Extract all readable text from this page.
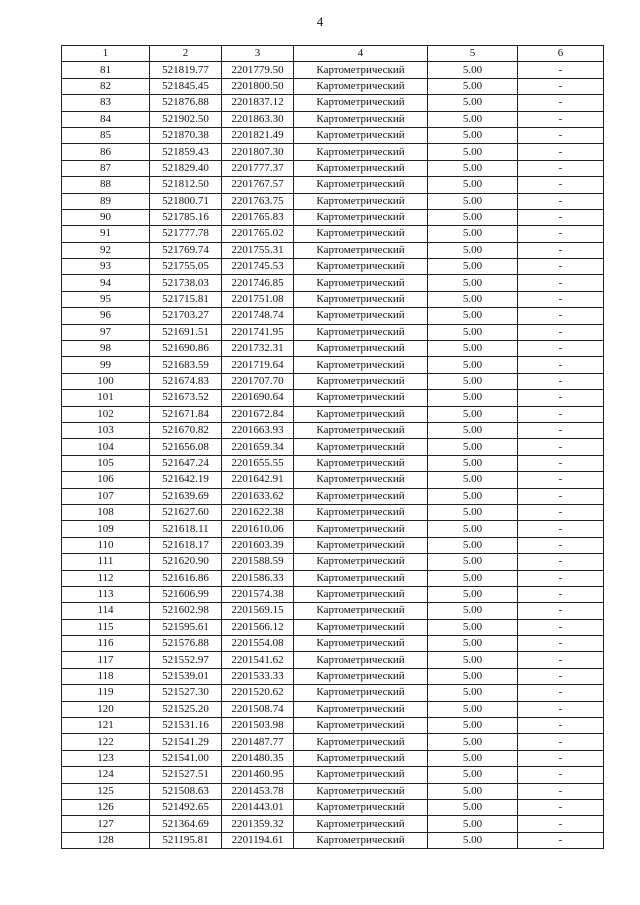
4
1	2	3	4	5	6
81	521819.77	2201779.50	Картометрический	5.00	-
82	521845.45	2201800.50	Картометрический	5.00	-
83	521876.88	2201837.12	Картометрический	5.00	-
84	521902.50	2201863.30	Картометрический	5.00	-
85	521870.38	2201821.49	Картометрический	5.00	-
86	521859.43	2201807.30	Картометрический	5.00	-
87	521829.40	2201777.37	Картометрический	5.00	-
88	521812.50	2201767.57	Картометрический	5.00	-
89	521800.71	2201763.75	Картометрический	5.00	-
90	521785.16	2201765.83	Картометрический	5.00	-
91	521777.78	2201765.02	Картометрический	5.00	-
92	521769.74	2201755.31	Картометрический	5.00	-
93	521755.05	2201745.53	Картометрический	5.00	-
94	521738.03	2201746.85	Картометрический	5.00	-
95	521715.81	2201751.08	Картометрический	5.00	-
96	521703.27	2201748.74	Картометрический	5.00	-
97	521691.51	2201741.95	Картометрический	5.00	-
98	521690.86	2201732.31	Картометрический	5.00	-
99	521683.59	2201719.64	Картометрический	5.00	-
100	521674.83	2201707.70	Картометрический	5.00	-
101	521673.52	2201690.64	Картометрический	5.00	-
102	521671.84	2201672.84	Картометрический	5.00	-
103	521670.82	2201663.93	Картометрический	5.00	-
104	521656.08	2201659.34	Картометрический	5.00	-
105	521647.24	2201655.55	Картометрический	5.00	-
106	521642.19	2201642.91	Картометрический	5.00	-
107	521639.69	2201633.62	Картометрический	5.00	-
108	521627.60	2201622.38	Картометрический	5.00	-
109	521618.11	2201610.06	Картометрический	5.00	-
110	521618.17	2201603.39	Картометрический	5.00	-
111	521620.90	2201588.59	Картометрический	5.00	-
112	521616.86	2201586.33	Картометрический	5.00	-
113	521606.99	2201574.38	Картометрический	5.00	-
114	521602.98	2201569.15	Картометрический	5.00	-
115	521595.61	2201566.12	Картометрический	5.00	-
116	521576.88	2201554.08	Картометрический	5.00	-
117	521552.97	2201541.62	Картометрический	5.00	-
118	521539.01	2201533.33	Картометрический	5.00	-
119	521527.30	2201520.62	Картометрический	5.00	-
120	521525.20	2201508.74	Картометрический	5.00	-
121	521531.16	2201503.98	Картометрический	5.00	-
122	521541.29	2201487.77	Картометрический	5.00	-
123	521541.00	2201480.35	Картометрический	5.00	-
124	521527.51	2201460.95	Картометрический	5.00	-
125	521508.63	2201453.78	Картометрический	5.00	-
126	521492.65	2201443.01	Картометрический	5.00	-
127	521364.69	2201359.32	Картометрический	5.00	-
128	521195.81	2201194.61	Картометрический	5.00	-
